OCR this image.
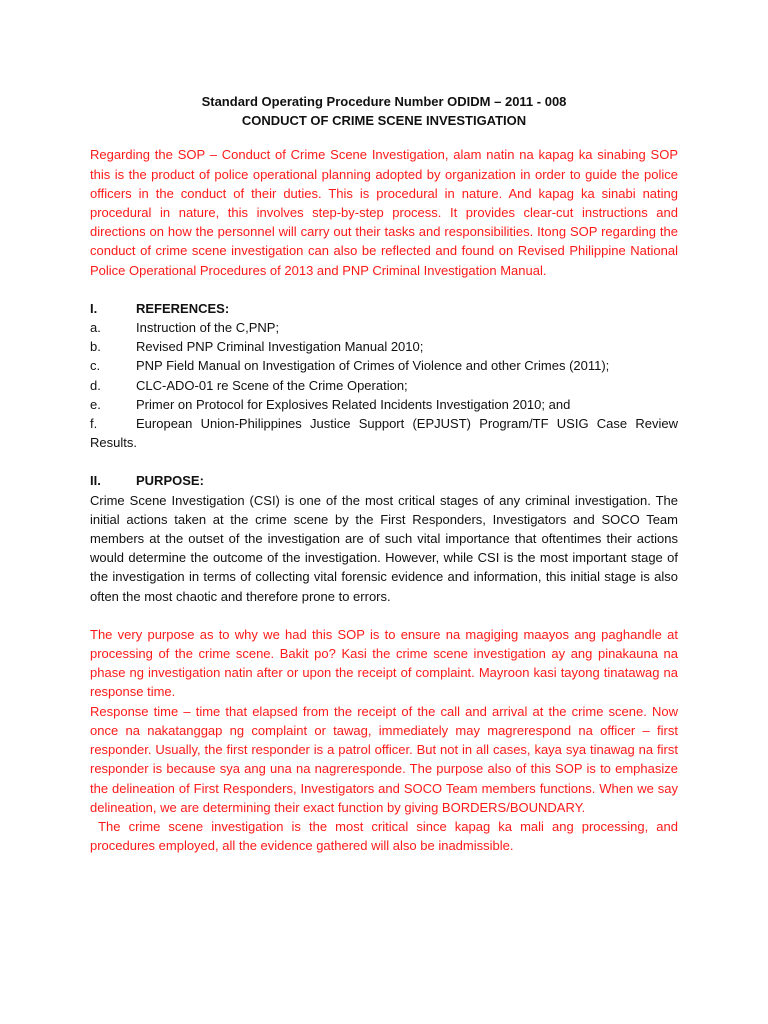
Standard Operating Procedure Number ODIDM – 2011 - 008

CONDUCT OF CRIME SCENE INVESTIGATION

Regarding the SOP – Conduct of Crime Scene Investigation, alam natin na kapag ka sinabing SOP this is the product of police operational planning adopted by organization in order to guide the police officers in the conduct of their duties. This is procedural in nature. And kapag ka sinabi nating procedural in nature, this involves step-by-step process. It provides clear-cut instructions and directions on how the personnel will carry out their tasks and responsibilities. Itong SOP regarding the conduct of crime scene investigation can also be reflected and found on Revised Philippine National Police Operational Procedures of 2013 and PNP Criminal Investigation Manual.

I.	REFERENCES:
a.	Instruction of the C,PNP;
b.	Revised PNP Criminal Investigation Manual 2010;
c.	PNP Field Manual on Investigation of Crimes of Violence and other Crimes (2011);
d.	CLC-ADO-01 re Scene of the Crime Operation;
e.	Primer on Protocol for Explosives Related Incidents Investigation 2010; and
f.	European Union-Philippines Justice Support (EPJUST) Program/TF USIG Case Review Results.
II.	PURPOSE:

Crime Scene Investigation (CSI) is one of the most critical stages of any criminal investigation. The initial actions taken at the crime scene by the First Responders, Investigators and SOCO Team members at the outset of the investigation are of such vital importance that oftentimes their actions would determine the outcome of the investigation. However, while CSI is the most important stage of the investigation in terms of collecting vital forensic evidence and information, this initial stage is also often the most chaotic and therefore prone to errors.

The very purpose as to why we had this SOP is to ensure na magiging maayos ang paghandle at processing of the crime scene. Bakit po? Kasi the crime scene investigation ay ang pinakauna na phase ng investigation natin after or upon the receipt of complaint. Mayroon kasi tayong tinatawag na response time.

Response time – time that elapsed from the receipt of the call and arrival at the crime scene. Now once na nakatanggap ng complaint or tawag, immediately may magrerespond na officer – first responder. Usually, the first responder is a patrol officer. But not in all cases, kaya sya tinawag na first responder is because sya ang una na nagreresponde. The purpose also of this SOP is to emphasize the delineation of First Responders, Investigators and SOCO Team members functions. When we say delineation, we are determining their exact function by giving BORDERS/BOUNDARY.

The crime scene investigation is the most critical since kapag ka mali ang processing, and procedures employed, all the evidence gathered will also be inadmissible.
